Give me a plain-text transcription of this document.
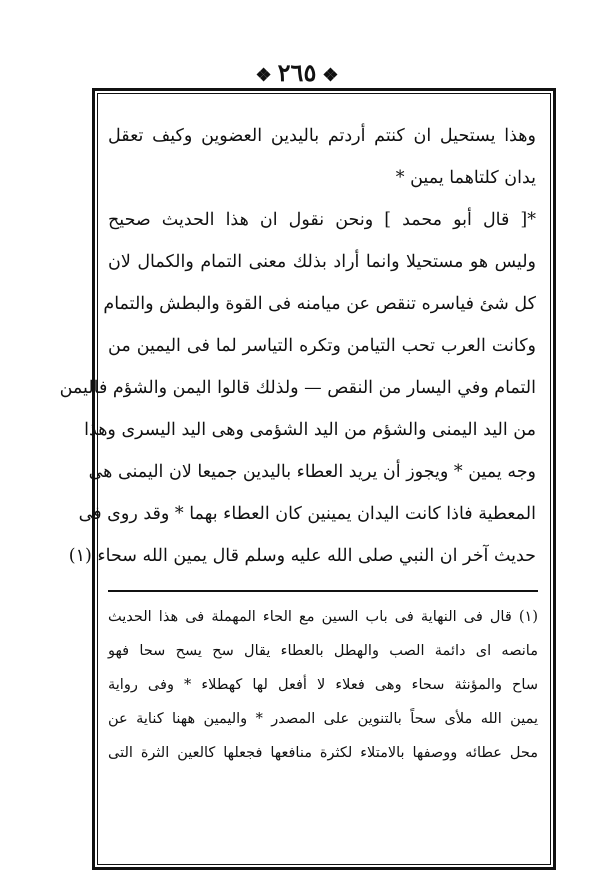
❖٢٦٥❖
وهذا يستحيل ان كنتم أردتم باليدين العضوين وكيف تعقل
يدان كلتاهما يمين *
*[ قال أبو محمد ] ونحن نقول ان هذا الحديث صحيح
وليس هو مستحيلا وانما أراد بذلك معنى التمام والكمال لان
كل شئ فياسره تنقص عن ميامنه فى القوة والبطش والتمام
وكانت العرب تحب التيامن وتكره التياسر لما فى اليمين من
التمام وفي اليسار من النقص — ولذلك قالوا اليمن والشؤم فاليمن
من اليد اليمنى والشؤم من اليد الشؤمى وهى اليد اليسرى وهذا
وجه يمين * ويجوز أن يريد العطاء باليدين جميعا لان اليمنى هى
المعطية فاذا كانت اليدان يمينين كان العطاء بهما * وقد روى فى
حديث آخر ان النبي صلى الله عليه وسلم قال يمين الله سحاء (١)
(١) قال فى النهاية فى باب السين مع الحاء المهملة فى هذا الحديث
مانصه اى دائمة الصب والهطل بالعطاء يقال سح يسح سحا فهو
ساح والمؤنثة سحاء وهى فعلاء لا أفعل لها كهطلاء * وفى رواية
يمين الله ملأى سحاً بالتنوين على المصدر * واليمين ههنا كناية عن
محل عطائه ووصفها بالامتلاء لكثرة منافعها فجعلها كالعين الثرة التى
